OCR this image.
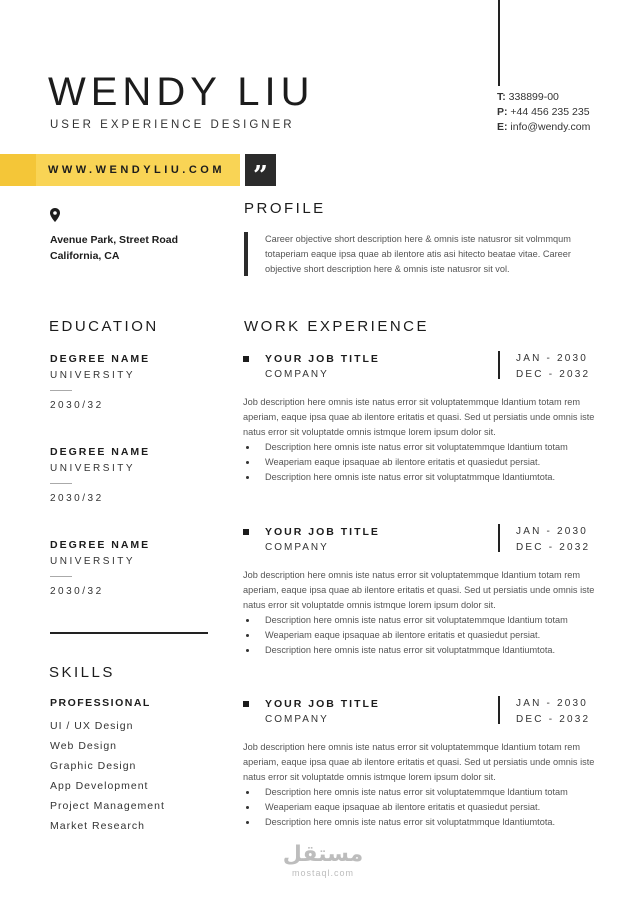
WENDY LIU
USER EXPERIENCE DESIGNER
T: 338899-00
P: +44 456 235 235
E: info@wendy.com
WWW.WENDYLIU.COM	”
Avenue Park, Street Road
California, CA
PROFILE
Career objective short description here & omnis iste natusror sit volmmqum totaperiam eaque ipsa quae ab ilentore atis asi hitecto beatae vitae. Career objective short description here & omnis iste natusror sit vol.
EDUCATION
DEGREE NAME
UNIVERSITY
2030/32
DEGREE NAME
UNIVERSITY
2030/32
DEGREE NAME
UNIVERSITY
2030/32
SKILLS
PROFESSIONAL
UI / UX Design
Web Design
Graphic Design
App Development
Project Management
Market Research
WORK EXPERIENCE
YOUR JOB TITLE
COMPANY
JAN - 2030
DEC - 2032
Job description here omnis iste natus error sit voluptatemmque ldantium totam rem aperiam, eaque ipsa quae ab ilentore eritatis et quasi. Sed ut persiatis unde omnis iste natus error sit voluptatde omnis istmque lorem ipsum dolor sit.
Description here omnis iste natus error sit voluptatemmque ldantium totam
Weaperiam eaque ipsaquae ab ilentore eritatis et quasiedut persiat.
Description here omnis iste natus error sit voluptatmmque ldantiumtota.
YOUR JOB TITLE
COMPANY
JAN - 2030
DEC - 2032
Job description here omnis iste natus error sit voluptatemmque ldantium totam rem aperiam, eaque ipsa quae ab ilentore eritatis et quasi. Sed ut persiatis unde omnis iste natus error sit voluptatde omnis istmque lorem ipsum dolor sit.
Description here omnis iste natus error sit voluptatemmque ldantium totam
Weaperiam eaque ipsaquae ab ilentore eritatis et quasiedut persiat.
Description here omnis iste natus error sit voluptatmmque ldantiumtota.
YOUR JOB TITLE
COMPANY
JAN - 2030
DEC - 2032
Job description here omnis iste natus error sit voluptatemmque ldantium totam rem aperiam, eaque ipsa quae ab ilentore eritatis et quasi. Sed ut persiatis unde omnis iste natus error sit voluptatde omnis istmque lorem ipsum dolor sit.
Description here omnis iste natus error sit voluptatemmque ldantium totam
Weaperiam eaque ipsaquae ab ilentore eritatis et quasiedut persiat.
Description here omnis iste natus error sit voluptatmmque ldantiumtota.
مستقل
mostaql.com
